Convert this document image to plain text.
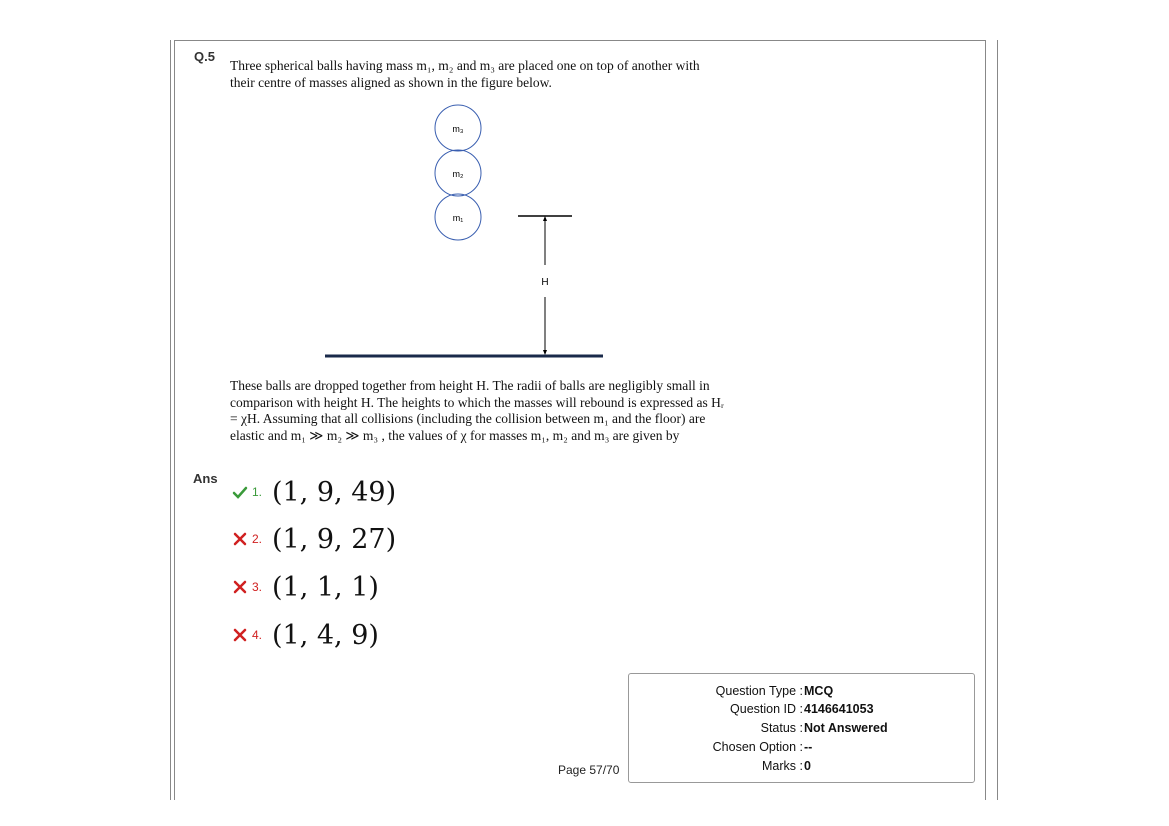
Q.5
Three spherical balls having mass m₁, m₂ and m₃ are placed one on top of another with their centre of masses aligned as shown in the figure below.
m₃
m₂
m₁
H
These balls are dropped together from height H. The radii of balls are negligibly small in comparison with height H. The heights to which the masses will rebound is expressed as Hᵣ = χH. Assuming that all collisions (including the collision between m₁ and the floor) are elastic and m₁ ≫ m₂ ≫ m₃ , the values of χ for masses m₁, m₂ and m₃ are given by
Ans
1. (1, 9, 49)
2. (1, 9, 27)
3. (1, 1, 1)
4. (1, 4, 9)
Page 57/70
Question Type : MCQ
Question ID : 4146641053
Status : Not Answered
Chosen Option : --
Marks : 0
